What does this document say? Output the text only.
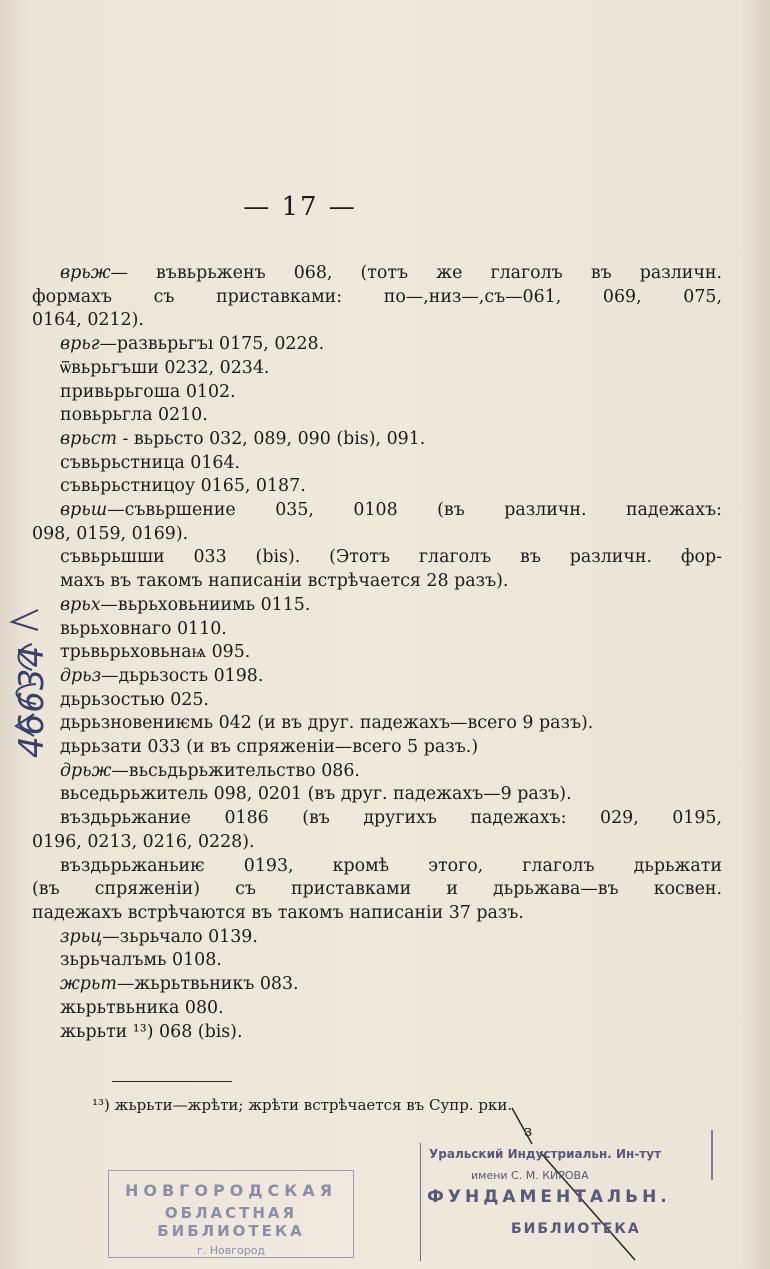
— 17 —
врьж— въвьрьженъ 068, (тотъ же глаголъ въ различн.
формахъ съ приставками: по—,низ—,съ—061, 069, 075,
0164, 0212).
врьг—развьрьгъı 0175, 0228.
ѿвьрьгъши 0232, 0234.
привьрьгоша 0102.
повьрьгла 0210.
врьст - вьрьсто 032, 089, 090 (bis), 091.
съвьрьстница 0164.
съвьрьстницоу 0165, 0187.
врьш—съвьршение 035, 0108 (въ различн. падежахъ:
098, 0159, 0169).
съвьрьшши 033 (bis). (Этотъ глаголъ въ различн. фор-
махъ въ такомъ написаніи встрѣчается 28 разъ).
врьх—вьрьховьниимь 0115.
вьрьховнаго 0110.
трьвьрьховьнаѩ 095.
дрьз—дьрьзость 0198.
дьрьзостью 025.
дьрьзновениѥмь 042 (и въ друг. падежахъ—всего 9 разъ).
дьрьзати 033 (и въ спряженіи—всего 5 разъ.)
дрьж—вьсьдьрьжительство 086.
вьседьрьжитель 098, 0201 (въ друг. падежахъ—9 разъ).
въздьрьжание 0186 (въ другихъ падежахъ: 029, 0195,
0196, 0213, 0216, 0228).
въздьрьжаньиѥ 0193, кромѣ этого, глаголъ дьрьжати
(въ спряженіи) съ приставками и дьрьжава—въ косвен.
падежахъ встрѣчаются въ такомъ написаніи 37 разъ.
зрьц—зьрьчало 0139.
зьрьчалъмь 0108.
жрьт—жьрьтвьникъ 083.
жьрьтвьника 080.
жьрьти ¹³) 068 (bis).
46634
¹³) жьрьти—жрѣти; жрѣти встрѣчается въ Супр. рки.
з
НОВГОРОДСКАЯ
ОБЛАСТНАЯ БИБЛИОТЕКА
г. Новгород
Уральский Индустриальн. Ин-тут
имени С. М. КИРОВА
ФУНДАМЕНТАЛЬН.
БИБЛИОТЕКА
